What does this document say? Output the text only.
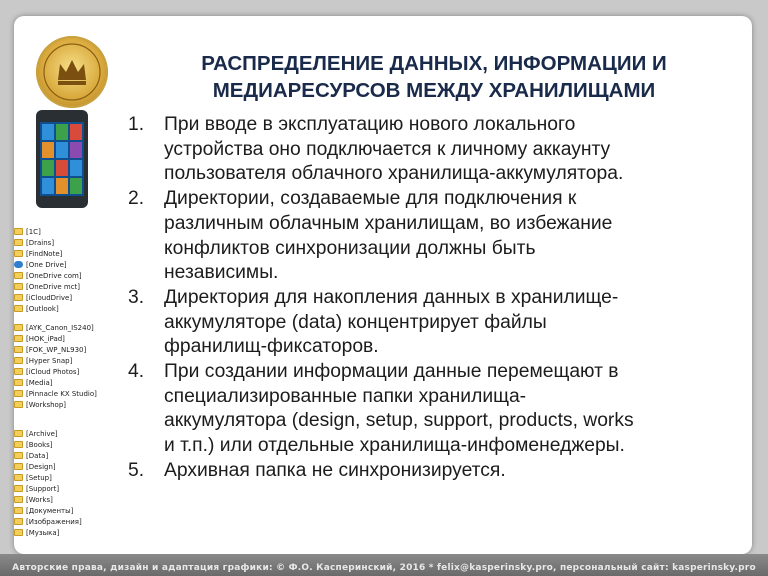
РАСПРЕДЕЛЕНИЕ ДАННЫХ, ИНФОРМАЦИИ И
МЕДИАРЕСУРСОВ МЕЖДУ ХРАНИЛИЩАМИ
[1C]
[Drains]
[FindNote]
[One Drive]
[OneDrive com]
[OneDrive mct]
[iCloudDrive]
[Outlook]
[AYK_Canon_IS240]
[HOK_iPad]
[FOK_WP_NL930]
[Hyper Snap]
[iCloud Photos]
[Media]
[Pinnacle KX Studio]
[Workshop]
[Archive]
[Books]
[Data]
[Design]
[Setup]
[Support]
[Works]
[Документы]
[Изображения]
[Музыка]
1.	При вводе в эксплуатацию нового локального
устройства оно подключается к личному аккаунту
пользователя облачного хранилища-аккумулятора.
2.	Директории, создаваемые для подключения к
различным облачным хранилищам, во избежание
конфликтов синхронизации должны быть
независимы.
3.	Директория для накопления данных в хранилище-
аккумуляторе (data) концентрирует файлы
франилищ-фиксаторов.
4.	При создании информации данные перемещают в
специализированные папки хранилища-
аккумулятора (design, setup, support, products, works
и т.п.) или отдельные хранилища-инфоменеджеры.
5.	Архивная папка не синхронизируется.
Авторские права, дизайн и адаптация графики: © Ф.О. Касперинский, 2016 * felix@kasperinsky.pro, персональный сайт: kasperinsky.pro
